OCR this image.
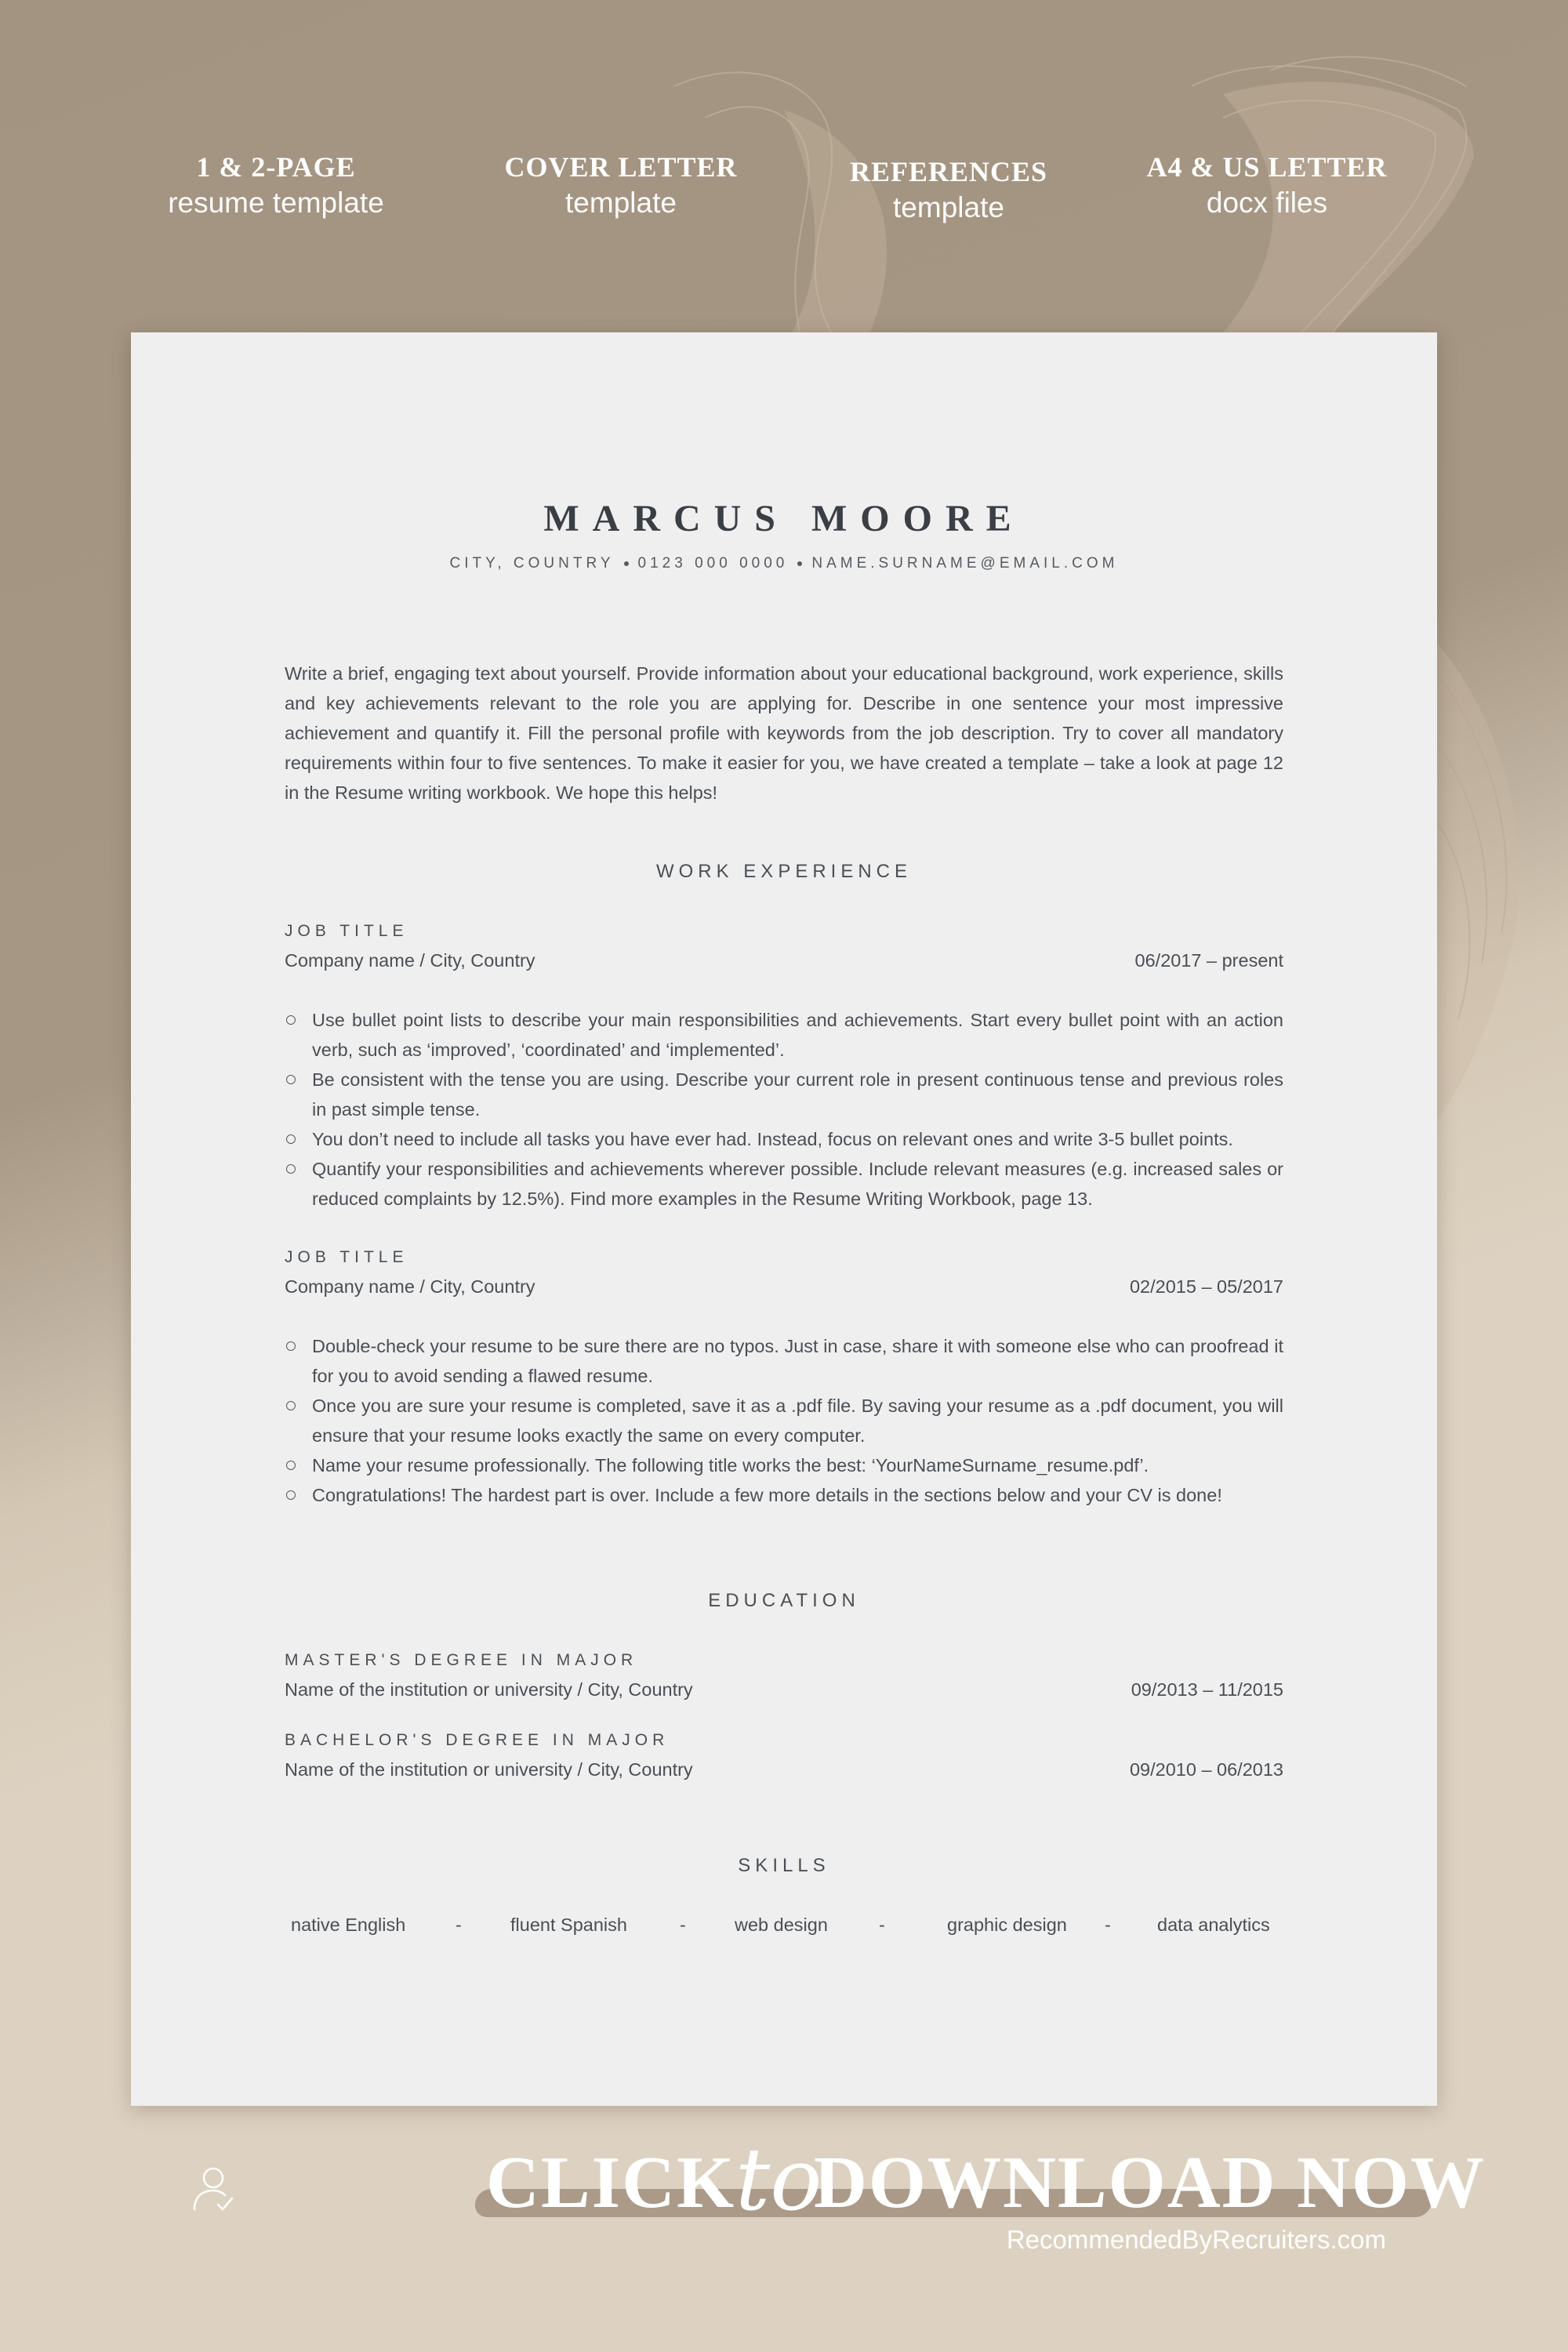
1 & 2-PAGE
resume template
COVER LETTER
template
REFERENCES
template
A4 & US LETTER
docx files
MARCUS MOORE
CITY, COUNTRY 0123 000 0000 NAME.SURNAME@EMAIL.COM
Write a brief, engaging text about yourself. Provide information about your educational background, work experience, skills and key achievements relevant to the role you are applying for. Describe in one sentence your most impressive achievement and quantify it. Fill the personal profile with keywords from the job description. Try to cover all mandatory requirements within four to five sentences. To make it easier for you, we have created a template – take a look at page 12 in the Resume writing workbook. We hope this helps!
WORK EXPERIENCE
JOB TITLE
Company name / City, Country	06/2017 – present
Use bullet point lists to describe your main responsibilities and achievements. Start every bullet point with an action verb, such as ‘improved’, ‘coordinated’ and ‘implemented’.
Be consistent with the tense you are using. Describe your current role in present continuous tense and previous roles in past simple tense.
You don’t need to include all tasks you have ever had. Instead, focus on relevant ones and write 3-5 bullet points.
Quantify your responsibilities and achievements wherever possible. Include relevant measures (e.g. increased sales or reduced complaints by 12.5%). Find more examples in the Resume Writing Workbook, page 13.
JOB TITLE
Company name / City, Country	02/2015 – 05/2017
Double-check your resume to be sure there are no typos. Just in case, share it with someone else who can proofread it for you to avoid sending a flawed resume.
Once you are sure your resume is completed, save it as a .pdf file. By saving your resume as a .pdf document, you will ensure that your resume looks exactly the same on every computer.
Name your resume professionally. The following title works the best: ‘YourNameSurname_resume.pdf’.
Congratulations! The hardest part is over. Include a few more details in the sections below and your CV is done!
EDUCATION
MASTER'S DEGREE IN MAJOR
Name of the institution or university / City, Country	09/2013 – 11/2015
BACHELOR'S DEGREE IN MAJOR
Name of the institution or university / City, Country	09/2010 – 06/2013
SKILLS
native English	-	fluent Spanish	-	web design	-	graphic design -	data analytics
CLICK to
DOWNLOAD NOW
RecommendedByRecruiters.com
